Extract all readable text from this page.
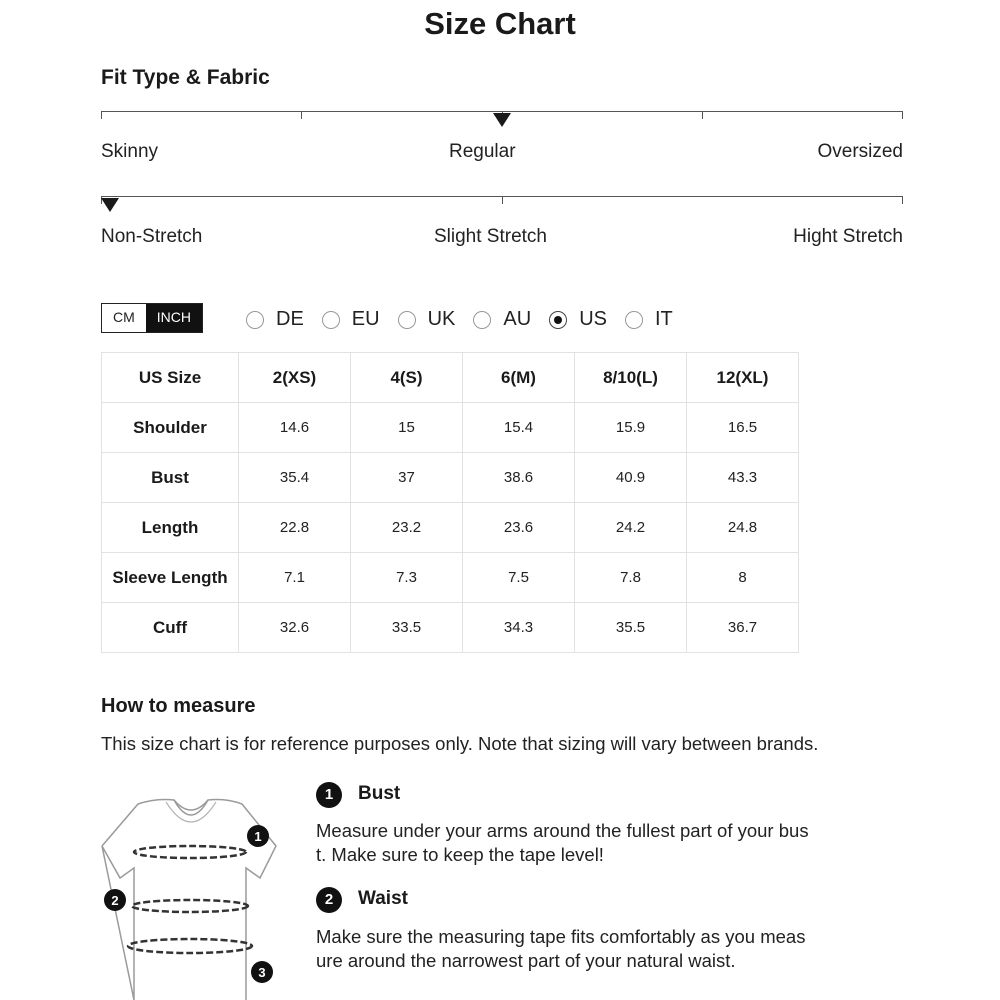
Size Chart
Fit Type & Fabric
Skinny	Regular	Oversized
Non-Stretch	Slight Stretch	Hight Stretch
CM	INCH	DE EU UK AU US IT
US Size	2(XS)	4(S)	6(M)	8/10(L)	12(XL)
Shoulder	14.6	15	15.4	15.9	16.5
Bust	35.4	37	38.6	40.9	43.3
Length	22.8	23.2	23.6	24.2	24.8
Sleeve Length	7.1	7.3	7.5	7.8	8
Cuff	32.6	33.5	34.3	35.5	36.7
How to measure
This size chart is for reference purposes only. Note that sizing will vary between brands.
1
2
3
1	Bust
Measure under your arms around the fullest part of your bus
t. Make sure to keep the tape level!
2	Waist
Make sure the measuring tape fits comfortably as you meas
ure around the narrowest part of your natural waist.
